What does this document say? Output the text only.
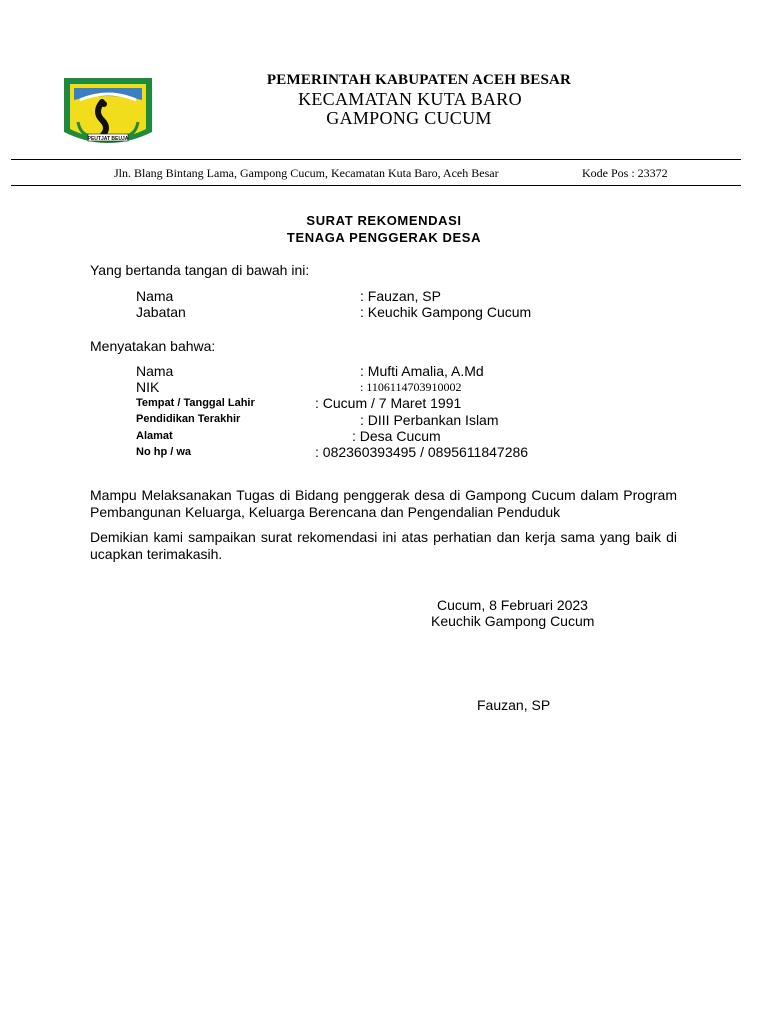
PEUTJAT BEUJA
PEMERINTAH KABUPATEN ACEH BESAR
KECAMATAN KUTA BARO
GAMPONG CUCUM
Jln. Blang Bintang Lama, Gampong Cucum, Kecamatan Kuta Baro, Aceh Besar	Kode Pos : 23372
SURAT REKOMENDASI
TENAGA PENGGERAK DESA
Yang bertanda tangan di bawah ini:
Nama	: Fauzan, SP
Jabatan	: Keuchik Gampong Cucum
Menyatakan bahwa:
Nama	: Mufti Amalia, A.Md
NIK	: 1106114703910002
Tempat / Tanggal Lahir	: Cucum / 7 Maret 1991
Pendidikan Terakhir	: DIII Perbankan Islam
Alamat	: Desa Cucum
No hp / wa	: 082360393495 / 0895611847286
Mampu Melaksanakan Tugas di Bidang penggerak desa di Gampong Cucum dalam Program Pembangunan Keluarga, Keluarga Berencana dan Pengendalian Penduduk
Demikian kami sampaikan surat rekomendasi ini atas perhatian dan kerja sama yang baik di ucapkan terimakasih.
Cucum, 8 Februari 2023
Keuchik Gampong Cucum
Fauzan, SP
